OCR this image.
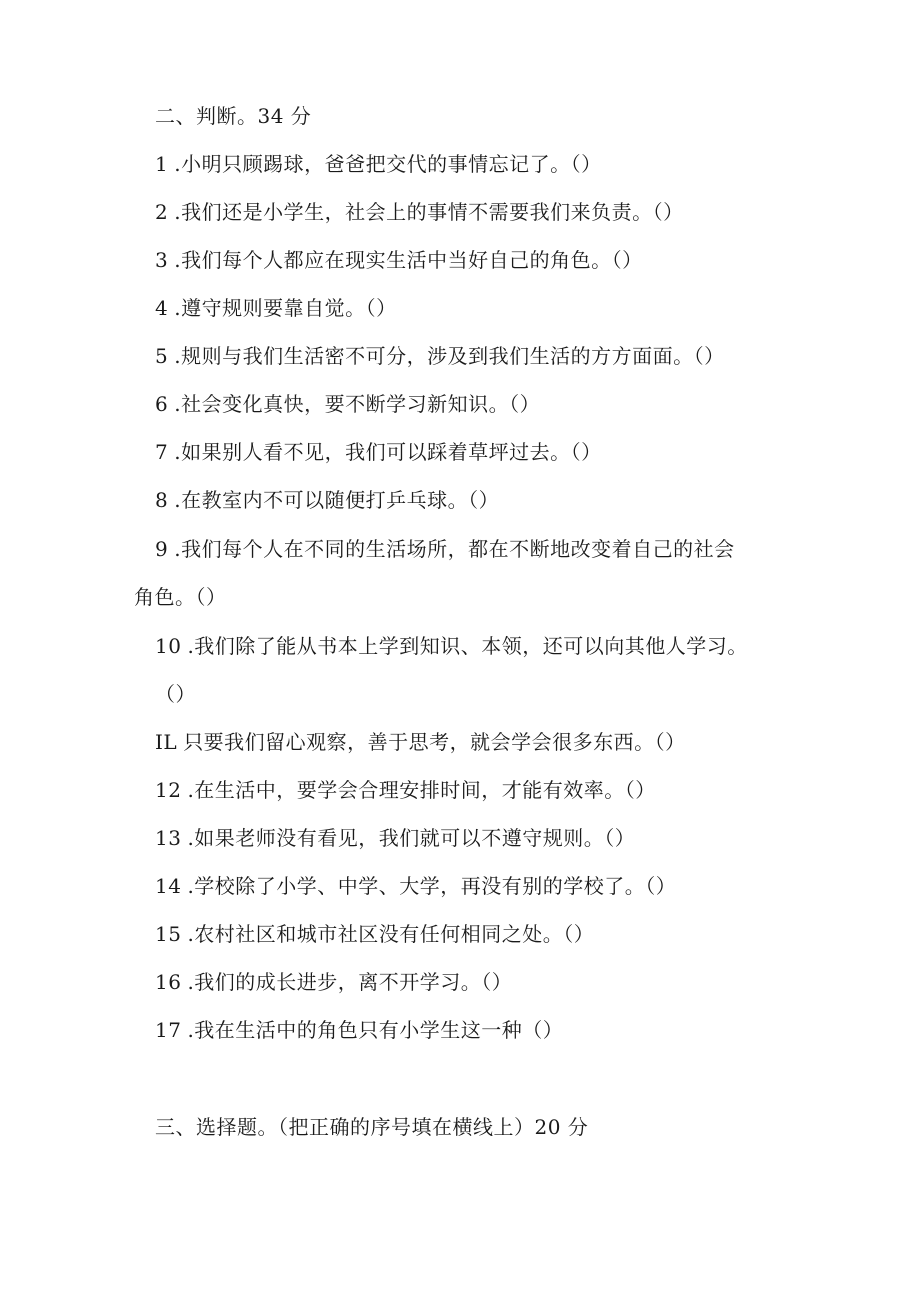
二、判断。34 分
1 .小明只顾踢球，爸爸把交代的事情忘记了。（）
2 .我们还是小学生，社会上的事情不需要我们来负责。（）
3 .我们每个人都应在现实生活中当好自己的角色。（）
4 .遵守规则要靠自觉。（）
5 .规则与我们生活密不可分，涉及到我们生活的方方面面。（）
6 .社会变化真快，要不断学习新知识。（）
7 .如果别人看不见，我们可以踩着草坪过去。（）
8 .在教室内不可以随便打乒乓球。（）
9 .我们每个人在不同的生活场所，都在不断地改变着自己的社会
角色。（）
10 .我们除了能从书本上学到知识、本领，还可以向其他人学习。
（）
IL 只要我们留心观察，善于思考，就会学会很多东西。（）
12 .在生活中，要学会合理安排时间，才能有效率。（）
13 .如果老师没有看见，我们就可以不遵守规则。（）
14 .学校除了小学、中学、大学，再没有别的学校了。（）
15 .农村社区和城市社区没有任何相同之处。（）
16 .我们的成长进步，离不开学习。（）
17 .我在生活中的角色只有小学生这一种（）
三、选择题。（把正确的序号填在横线上）20 分
